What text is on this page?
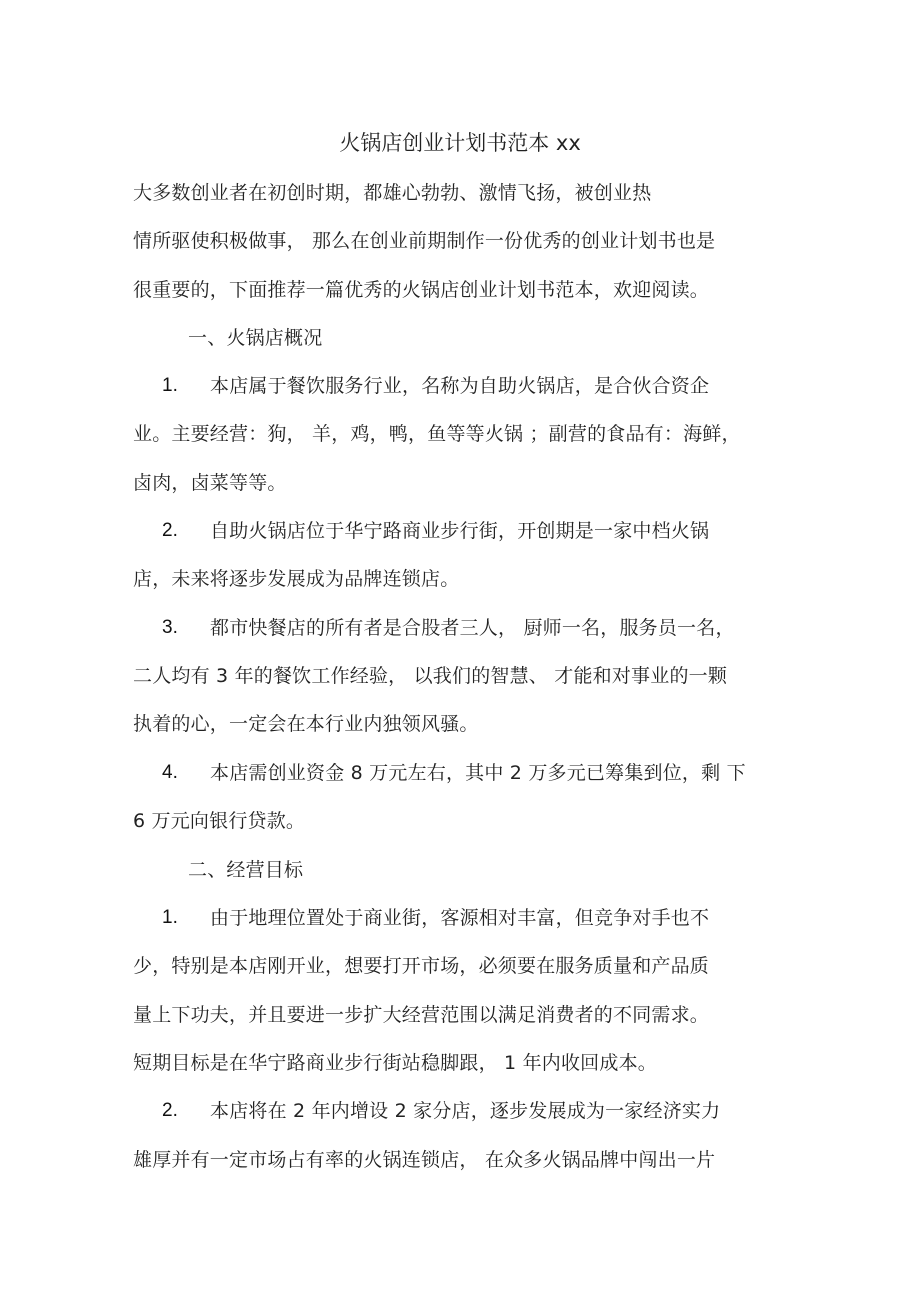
火锅店创业计划书范本 xx
大多数创业者在初创时期，都雄心勃勃、激情飞扬，被创业热
情所驱使积极做事， 那么在创业前期制作一份优秀的创业计划书也是
很重要的，下面推荐一篇优秀的火锅店创业计划书范本，欢迎阅读。
一、火锅店概况
1. 本店属于餐饮服务行业，名称为自助火锅店，是合伙合资企
业。主要经营：狗， 羊，鸡，鸭，鱼等等火锅 ；副营的食品有：海鲜，
卤肉，卤菜等等。
2. 自助火锅店位于华宁路商业步行街，开创期是一家中档火锅
店，未来将逐步发展成为品牌连锁店。
3. 都市快餐店的所有者是合股者三人， 厨师一名，服务员一名，
二人均有 3 年的餐饮工作经验， 以我们的智慧、 才能和对事业的一颗
执着的心，一定会在本行业内独领风骚。
4. 本店需创业资金 8 万元左右，其中 2 万多元已筹集到位，剩 下
6 万元向银行贷款。
二、经营目标
1. 由于地理位置处于商业街，客源相对丰富，但竞争对手也不
少，特别是本店刚开业，想要打开市场，必须要在服务质量和产品质
量上下功夫，并且要进一步扩大经营范围以满足消费者的不同需求。
短期目标是在华宁路商业步行街站稳脚跟， 1 年内收回成本。
2. 本店将在 2 年内增设 2 家分店，逐步发展成为一家经济实力
雄厚并有一定市场占有率的火锅连锁店， 在众多火锅品牌中闯出一片
